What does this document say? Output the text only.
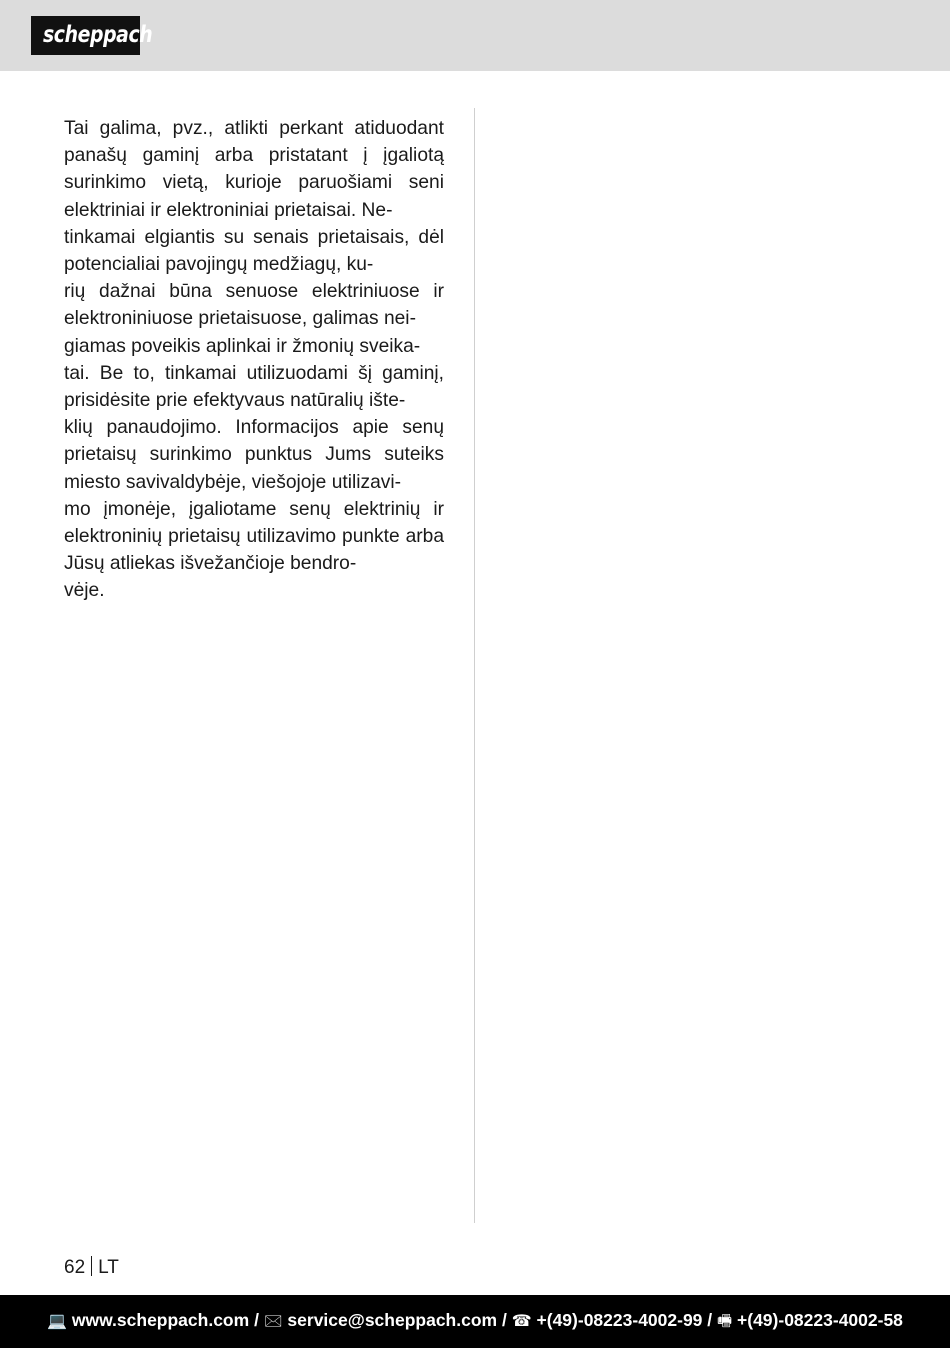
scheppach
Tai galima, pvz., atlikti perkant atiduodant panašų gaminį arba pristatant į įgaliotą surinkimo vietą, kurioje paruošiami seni elektriniai ir elektroniniai prietaisai. Ne-
tinkamai elgiantis su senais prietaisais, dėl potencialiai pavojingų medžiagų, ku-
rių dažnai būna senuose elektriniuose ir elektroniniuose prietaisuose, galimas nei-
giamas poveikis aplinkai ir žmonių sveika-
tai. Be to, tinkamai utilizuodami šį gaminį, prisidėsite prie efektyvaus natūralių ište-
klių panaudojimo. Informacijos apie senų prietaisų surinkimo punktus Jums suteiks miesto savivaldybėje, viešojoje utilizavi-
mo įmonėje, įgaliotame senų elektrinių ir elektroninių prietaisų utilizavimo punkte arba Jūsų atliekas išvežančioje bendro-
vėje.
62 LT
💻 www.scheppach.com / 🖂 service@scheppach.com / ☎ +(49)-08223-4002-99 / 🖷 +(49)-08223-4002-58
